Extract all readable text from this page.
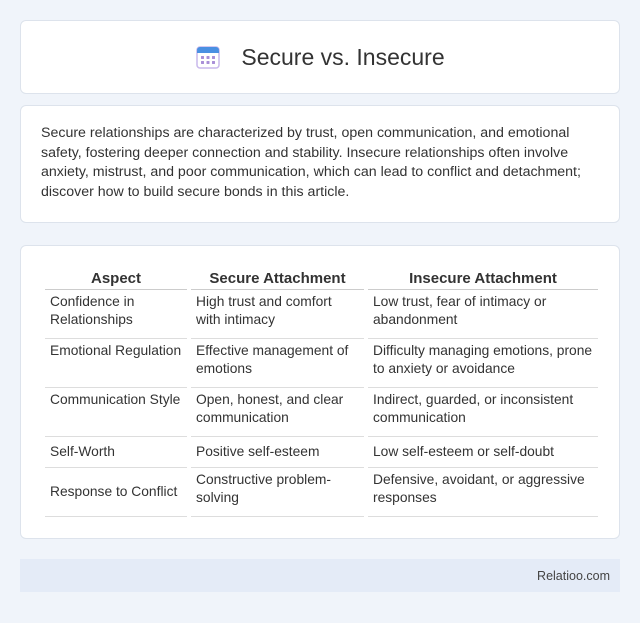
Secure vs. Insecure

Secure relationships are characterized by trust, open communication, and emotional safety, fostering deeper connection and stability. Insecure relationships often involve anxiety, mistrust, and poor communication, which can lead to conflict and detachment; discover how to build secure bonds in this article.

Aspect	Secure Attachment	Insecure Attachment
Confidence in Relationships	High trust and comfort with intimacy	Low trust, fear of intimacy or abandonment
Emotional Regulation	Effective management of emotions	Difficulty managing emotions, prone to anxiety or avoidance
Communication Style	Open, honest, and clear communication	Indirect, guarded, or inconsistent communication
Self-Worth	Positive self-esteem	Low self-esteem or self-doubt
Response to Conflict	Constructive problem-solving	Defensive, avoidant, or aggressive responses
Relatioo.com
